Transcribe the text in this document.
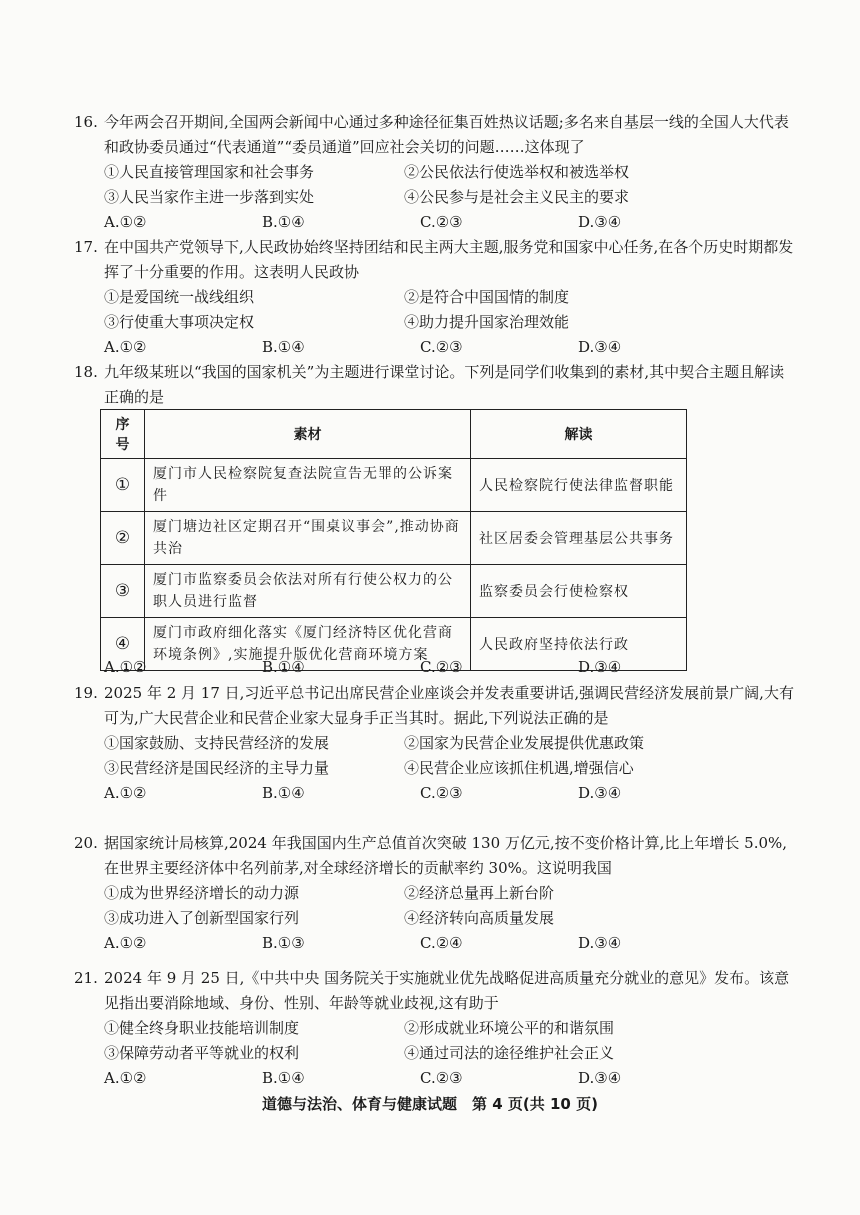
16. 今年两会召开期间,全国两会新闻中心通过多种途径征集百姓热议话题;多名来自基层一线的全国人大代表和政协委员通过“代表通道”“委员通道”回应社会关切的问题……这体现了
①人民直接管理国家和社会事务	②公民依法行使选举权和被选举权
③人民当家作主进一步落到实处	④公民参与是社会主义民主的要求
A.①②	B.①④	C.②③	D.③④
17. 在中国共产党领导下,人民政协始终坚持团结和民主两大主题,服务党和国家中心任务,在各个历史时期都发挥了十分重要的作用。这表明人民政协
①是爱国统一战线组织	②是符合中国国情的制度
③行使重大事项决定权	④助力提升国家治理效能
A.①②	B.①④	C.②③	D.③④
18. 九年级某班以“我国的国家机关”为主题进行课堂讨论。下列是同学们收集到的素材,其中契合主题且解读正确的是
序号	素材	解读
①	厦门市人民检察院复查法院宣告无罪的公诉案件	人民检察院行使法律监督职能
②	厦门塘边社区定期召开“围桌议事会”,推动协商共治	社区居委会管理基层公共事务
③	厦门市监察委员会依法对所有行使公权力的公职人员进行监督	监察委员会行使检察权
④	厦门市政府细化落实《厦门经济特区优化营商环境条例》,实施提升版优化营商环境方案	人民政府坚持依法行政
A.①②	B.①④	C.②③	D.③④
19. 2025 年 2 月 17 日,习近平总书记出席民营企业座谈会并发表重要讲话,强调民营经济发展前景广阔,大有可为,广大民营企业和民营企业家大显身手正当其时。据此,下列说法正确的是
①国家鼓励、支持民营经济的发展	②国家为民营企业发展提供优惠政策
③民营经济是国民经济的主导力量	④民营企业应该抓住机遇,增强信心
A.①②	B.①④	C.②③	D.③④
20. 据国家统计局核算,2024 年我国国内生产总值首次突破 130 万亿元,按不变价格计算,比上年增长 5.0%,在世界主要经济体中名列前茅,对全球经济增长的贡献率约 30%。这说明我国
①成为世界经济增长的动力源	②经济总量再上新台阶
③成功进入了创新型国家行列	④经济转向高质量发展
A.①②	B.①③	C.②④	D.③④
21. 2024 年 9 月 25 日,《中共中央 国务院关于实施就业优先战略促进高质量充分就业的意见》发布。该意见指出要消除地域、身份、性别、年龄等就业歧视,这有助于
①健全终身职业技能培训制度	②形成就业环境公平的和谐氛围
③保障劳动者平等就业的权利	④通过司法的途径维护社会正义
A.①②	B.①④	C.②③	D.③④
道德与法治、体育与健康试题　第 4 页(共 10 页)
